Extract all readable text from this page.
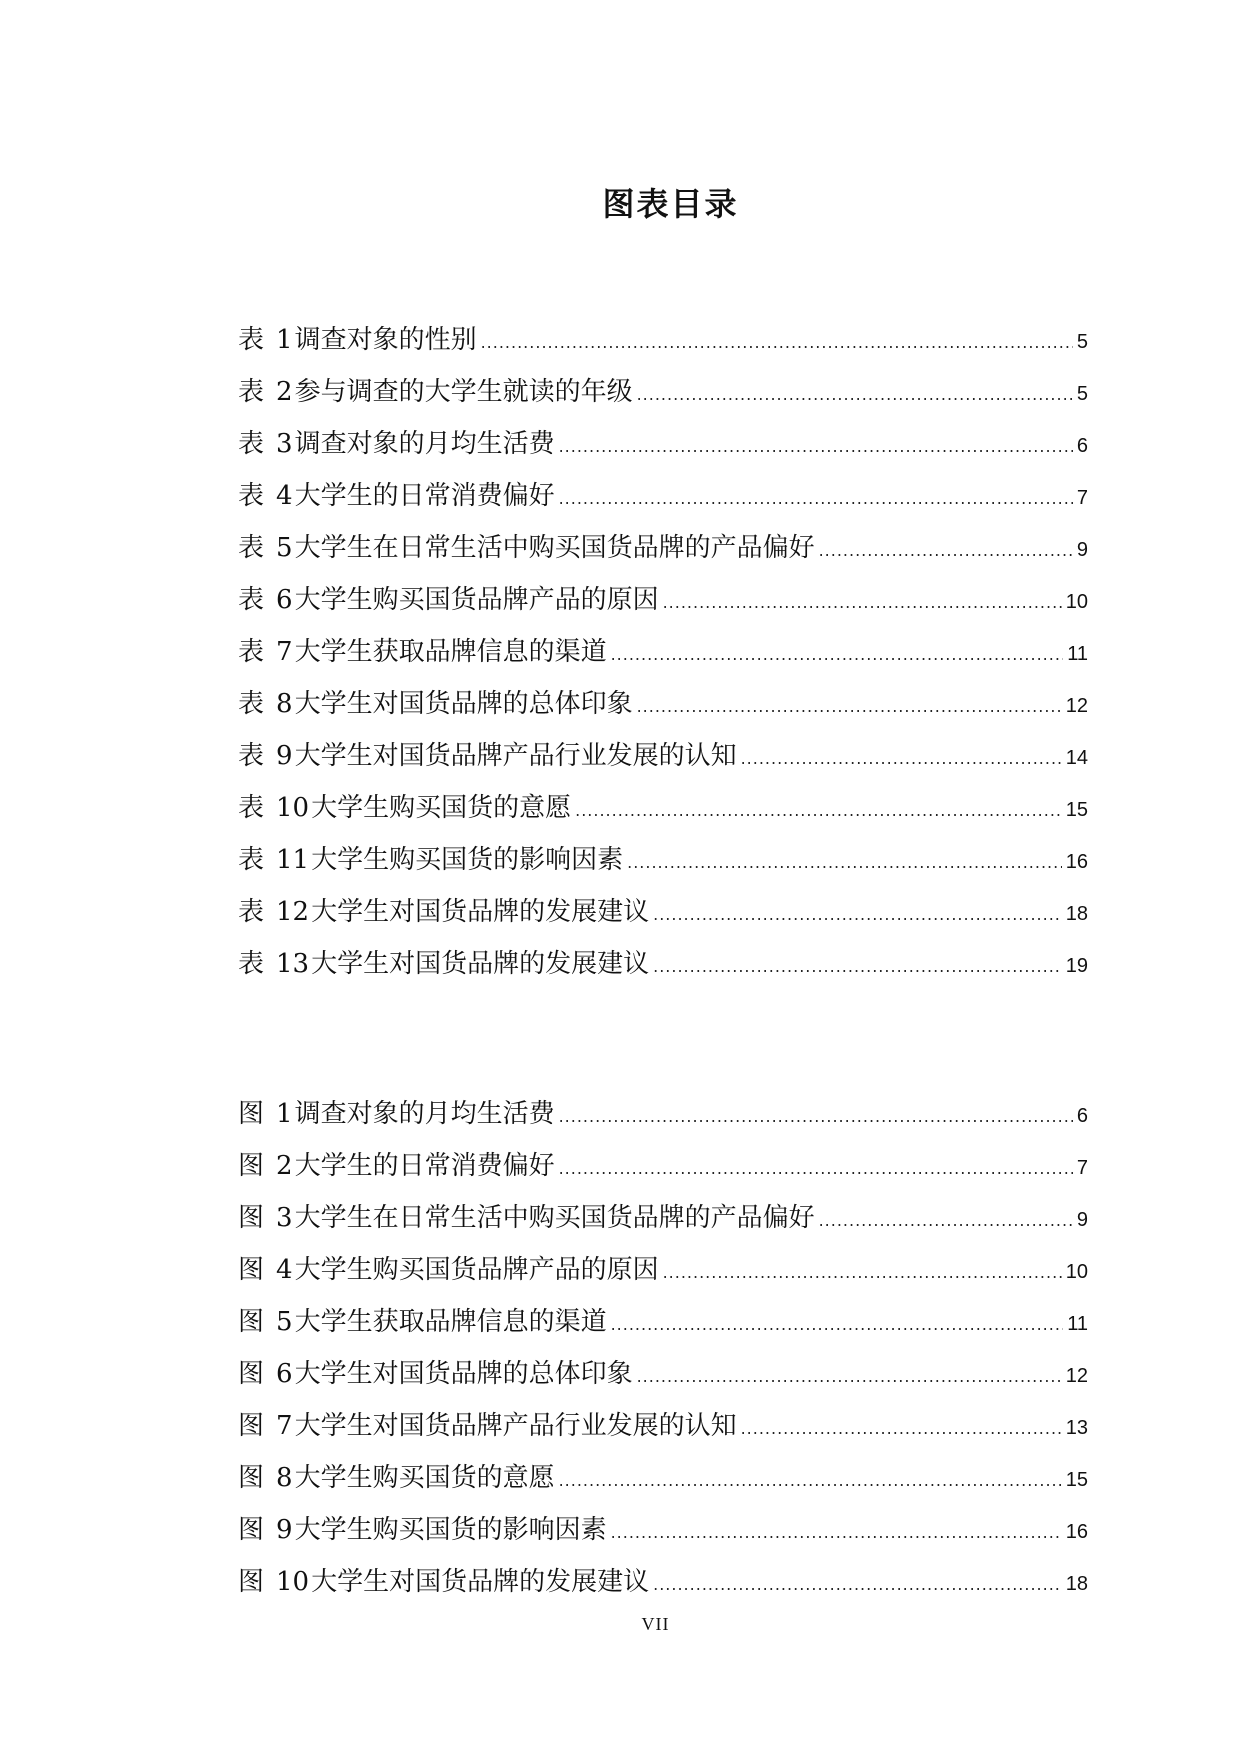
图表目录
表 1 调查对象的性别 .....	5
表 2 参与调查的大学生就读的年级 .....	5
表 3 调查对象的月均生活费 .....	6
表 4 大学生的日常消费偏好 .....	7
表 5 大学生在日常生活中购买国货品牌的产品偏好 .....	9
表 6 大学生购买国货品牌产品的原因 .....	10
表 7 大学生获取品牌信息的渠道 .....	11
表 8 大学生对国货品牌的总体印象 .....	12
表 9 大学生对国货品牌产品行业发展的认知 .....	14
表 10 大学生购买国货的意愿 .....	15
表 11 大学生购买国货的影响因素 .....	16
表 12 大学生对国货品牌的发展建议 .....	18
表 13 大学生对国货品牌的发展建议 .....	19
图 1 调查对象的月均生活费 .....	6
图 2 大学生的日常消费偏好 .....	7
图 3 大学生在日常生活中购买国货品牌的产品偏好 .....	9
图 4 大学生购买国货品牌产品的原因 .....	10
图 5 大学生获取品牌信息的渠道 .....	11
图 6 大学生对国货品牌的总体印象 .....	12
图 7 大学生对国货品牌产品行业发展的认知 .....	13
图 8 大学生购买国货的意愿 .....	15
图 9 大学生购买国货的影响因素 .....	16
图 10 大学生对国货品牌的发展建议 .....	18
VII
